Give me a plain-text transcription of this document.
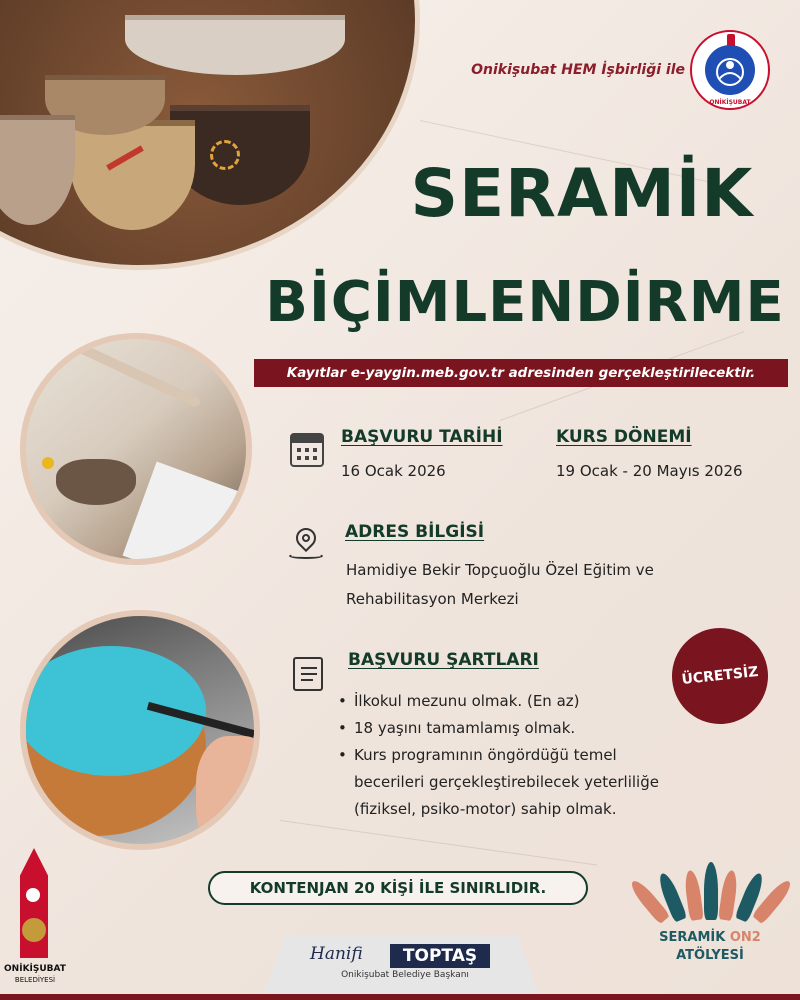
Onikişubat HEM İşbirliği ile
ONİKİŞUBAT
SERAMİK
BİÇİMLENDİRME
Kayıtlar e-yaygin.meb.gov.tr adresinden gerçekleştirilecektir.
BAŞVURU TARİHİ
16 Ocak 2026
KURS DÖNEMİ
19 Ocak - 20 Mayıs 2026
ADRES BİLGİSİ
Hamidiye Bekir Topçuoğlu Özel Eğitim ve
Rehabilitasyon Merkezi
BAŞVURU ŞARTLARI
• İlkokul mezunu olmak. (En az)
• 18 yaşını tamamlamış olmak.
• Kurs programının öngördüğü temel
becerileri gerçekleştirebilecek yeterliliğe
(fiziksel, psiko-motor) sahip olmak.
ÜCRETSİZ
KONTENJAN 20 KİŞİ İLE SINIRLIDIR.
SERAMİK ON2
ATÖLYESİ
ONİKİŞUBAT
BELEDİYESİ
Hanifi	TOPTAŞ
Onikişubat Belediye Başkanı
